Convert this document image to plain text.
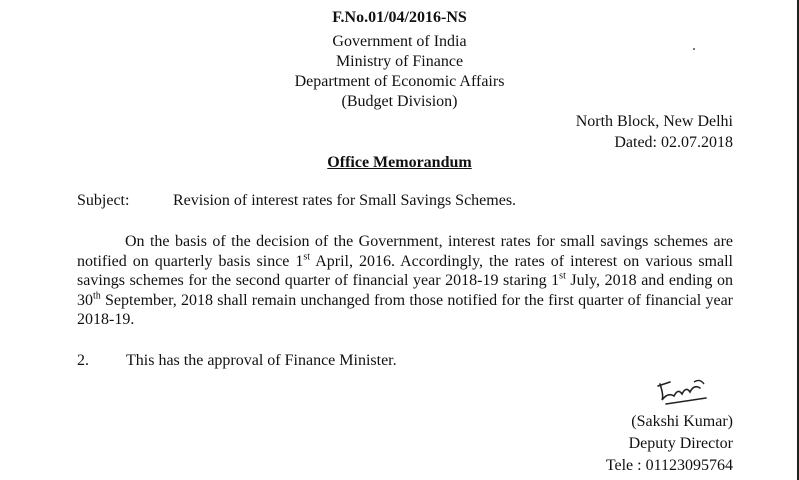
F.No.01/04/2016-NS
Government of India
Ministry of Finance
Department of Economic Affairs
(Budget Division)
North Block, New Delhi
Dated: 02.07.2018
Office Memorandum
Subject:	Revision of interest rates for Small Savings Schemes.

On the basis of the decision of the Government, interest rates for small savings schemes are notified on quarterly basis since 1st April, 2016. Accordingly, the rates of interest on various small savings schemes for the second quarter of financial year 2018-19 staring 1st July, 2018 and ending on 30th September, 2018 shall remain unchanged from those notified for the first quarter of financial year 2018-19.

2. This has the approval of Finance Minister.
(Sakshi Kumar)
Deputy Director
Tele : 01123095764
